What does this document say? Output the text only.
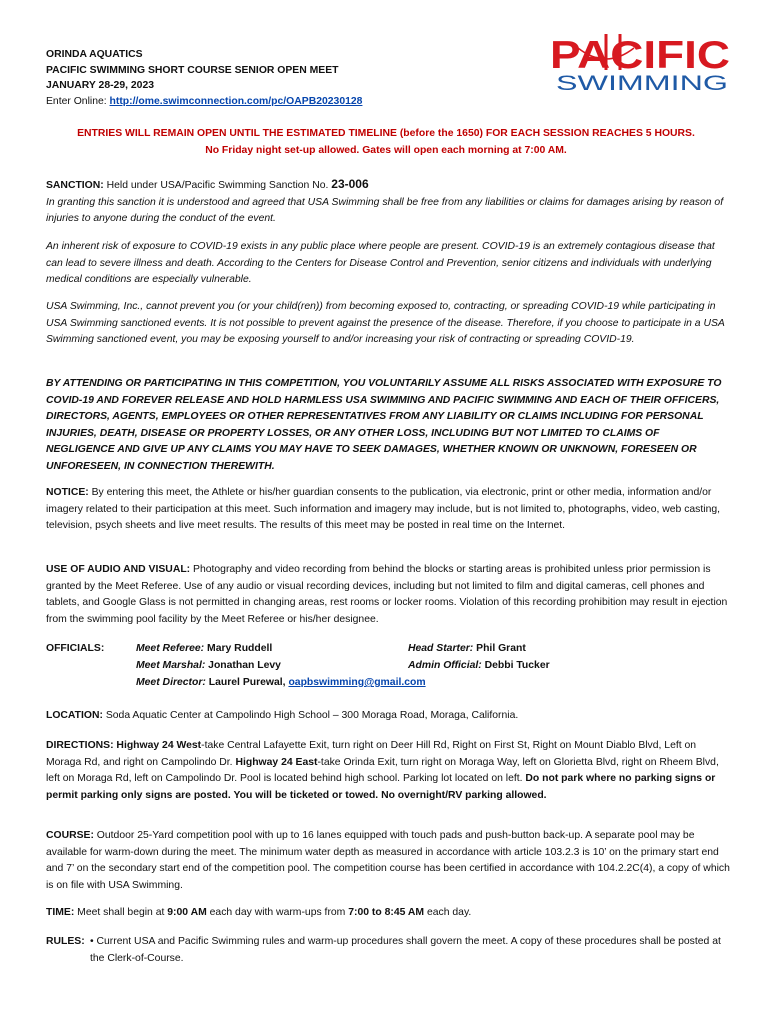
ORINDA AQUATICS
PACIFIC SWIMMING SHORT COURSE SENIOR OPEN MEET
JANUARY 28-29, 2023
Enter Online: http://ome.swimconnection.com/pc/OAPB20230128
PACIFIC
SWIMMING
ENTRIES WILL REMAIN OPEN UNTIL THE ESTIMATED TIMELINE (before the 1650) FOR EACH SESSION REACHES 5 HOURS.
No Friday night set-up allowed. Gates will open each morning at 7:00 AM.
SANCTION: Held under USA/Pacific Swimming Sanction No. 23-006
In granting this sanction it is understood and agreed that USA Swimming shall be free from any liabilities or claims for damages arising by reason of injuries to anyone during the conduct of the event.
An inherent risk of exposure to COVID-19 exists in any public place where people are present. COVID-19 is an extremely contagious disease that can lead to severe illness and death. According to the Centers for Disease Control and Prevention, senior citizens and individuals with underlying medical conditions are especially vulnerable.
USA Swimming, Inc., cannot prevent you (or your child(ren)) from becoming exposed to, contracting, or spreading COVID-19 while participating in USA Swimming sanctioned events. It is not possible to prevent against the presence of the disease. Therefore, if you choose to participate in a USA Swimming sanctioned event, you may be exposing yourself to and/or increasing your risk of contracting or spreading COVID-19.
BY ATTENDING OR PARTICIPATING IN THIS COMPETITION, YOU VOLUNTARILY ASSUME ALL RISKS ASSOCIATED WITH EXPOSURE TO COVID-19 AND FOREVER RELEASE AND HOLD HARMLESS USA SWIMMING AND PACIFIC SWIMMING AND EACH OF THEIR OFFICERS, DIRECTORS, AGENTS, EMPLOYEES OR OTHER REPRESENTATIVES FROM ANY LIABILITY OR CLAIMS INCLUDING FOR PERSONAL INJURIES, DEATH, DISEASE OR PROPERTY LOSSES, OR ANY OTHER LOSS, INCLUDING BUT NOT LIMITED TO CLAIMS OF NEGLIGENCE AND GIVE UP ANY CLAIMS YOU MAY HAVE TO SEEK DAMAGES, WHETHER KNOWN OR UNKNOWN, FORESEEN OR UNFORESEEN, IN CONNECTION THEREWITH.
NOTICE: By entering this meet, the Athlete or his/her guardian consents to the publication, via electronic, print or other media, information and/or imagery related to their participation at this meet. Such information and imagery may include, but is not limited to, photographs, video, web casting, television, psych sheets and live meet results. The results of this meet may be posted in real time on the Internet.
USE OF AUDIO AND VISUAL: Photography and video recording from behind the blocks or starting areas is prohibited unless prior permission is granted by the Meet Referee. Use of any audio or visual recording devices, including but not limited to film and digital cameras, cell phones and tablets, and Google Glass is not permitted in changing areas, rest rooms or locker rooms. Violation of this recording prohibition may result in ejection from the swimming pool facility by the Meet Referee or his/her designee.
OFFICIALS:	Meet Referee: Mary Ruddell
Meet Marshal: Jonathan Levy
Meet Director: Laurel Purewal, oapbswimming@gmail.com
Head Starter: Phil Grant
Admin Official: Debbi Tucker
LOCATION: Soda Aquatic Center at Campolindo High School – 300 Moraga Road, Moraga, California.
DIRECTIONS: Highway 24 West-take Central Lafayette Exit, turn right on Deer Hill Rd, Right on First St, Right on Mount Diablo Blvd, Left on Moraga Rd, and right on Campolindo Dr. Highway 24 East-take Orinda Exit, turn right on Moraga Way, left on Glorietta Blvd, right on Rheem Blvd, left on Moraga Rd, left on Campolindo Dr. Pool is located behind high school. Parking lot located on left. Do not park where no parking signs or permit parking only signs are posted. You will be ticketed or towed. No overnight/RV parking allowed.
COURSE: Outdoor 25-Yard competition pool with up to 16 lanes equipped with touch pads and push-button back-up. A separate pool may be available for warm-down during the meet. The minimum water depth as measured in accordance with article 103.2.3 is 10’ on the primary start end and 7’ on the secondary start end of the competition pool. The competition course has been certified in accordance with 104.2.2C(4), a copy of which is on file with USA Swimming.
TIME: Meet shall begin at 9:00 AM each day with warm-ups from 7:00 to 8:45 AM each day.
RULES: • Current USA and Pacific Swimming rules and warm-up procedures shall govern the meet. A copy of these procedures shall be posted at the Clerk-of-Course.
